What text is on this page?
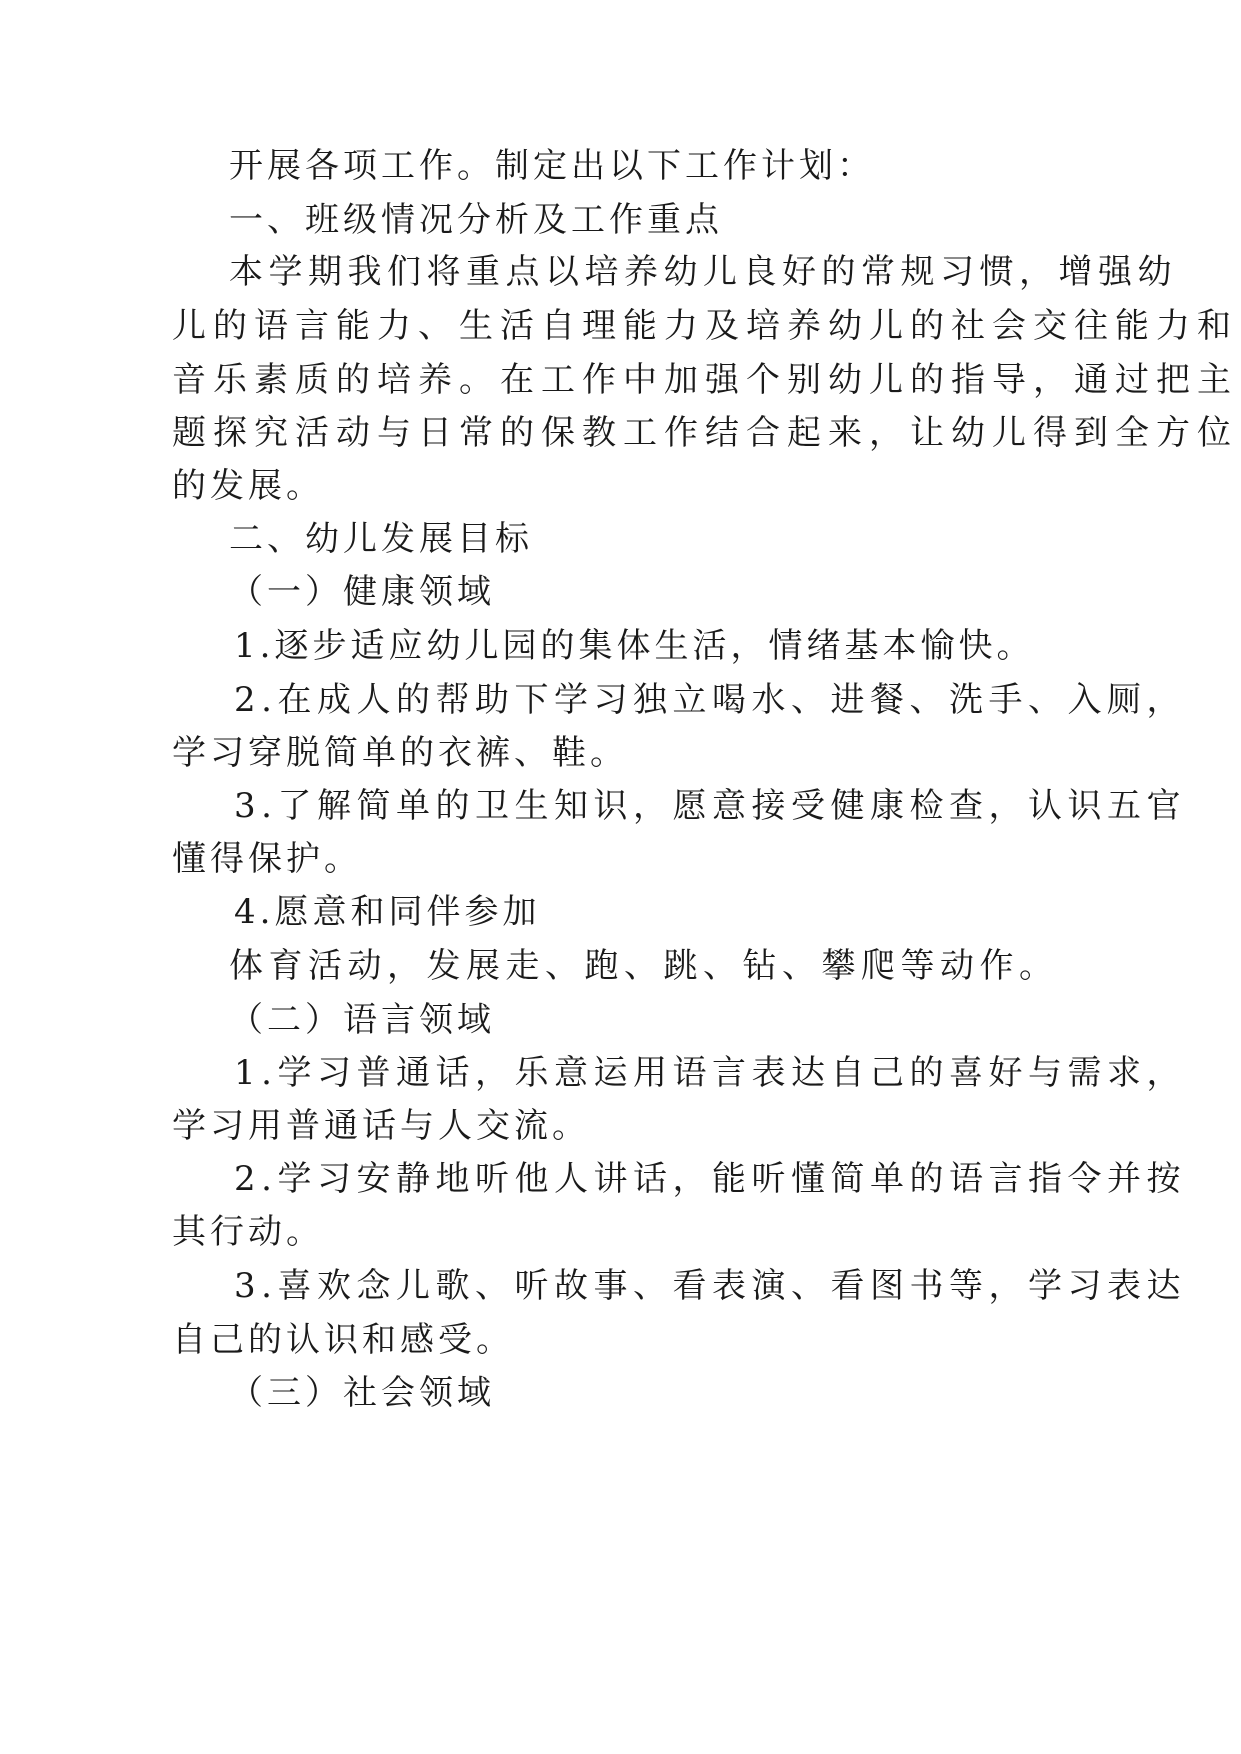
开展各项工作。制定出以下工作计划：

一、班级情况分析及工作重点

本学期我们将重点以培养幼儿良好的常规习惯，增强幼

儿的语言能力、生活自理能力及培养幼儿的社会交往能力和

音乐素质的培养。在工作中加强个别幼儿的指导，通过把主

题探究活动与日常的保教工作结合起来，让幼儿得到全方位

的发展。

二、幼儿发展目标

（一）健康领域

1.逐步适应幼儿园的集体生活，情绪基本愉快。

2.在成人的帮助下学习独立喝水、进餐、洗手、入厕，

学习穿脱简单的衣裤、鞋。

3.了解简单的卫生知识，愿意接受健康检查，认识五官

懂得保护。

4.愿意和同伴参加

体育活动，发展走、跑、跳、钻、攀爬等动作。

（二）语言领域

1.学习普通话，乐意运用语言表达自己的喜好与需求，

学习用普通话与人交流。

2.学习安静地听他人讲话，能听懂简单的语言指令并按

其行动。

3.喜欢念儿歌、听故事、看表演、看图书等，学习表达

自己的认识和感受。

（三）社会领域
